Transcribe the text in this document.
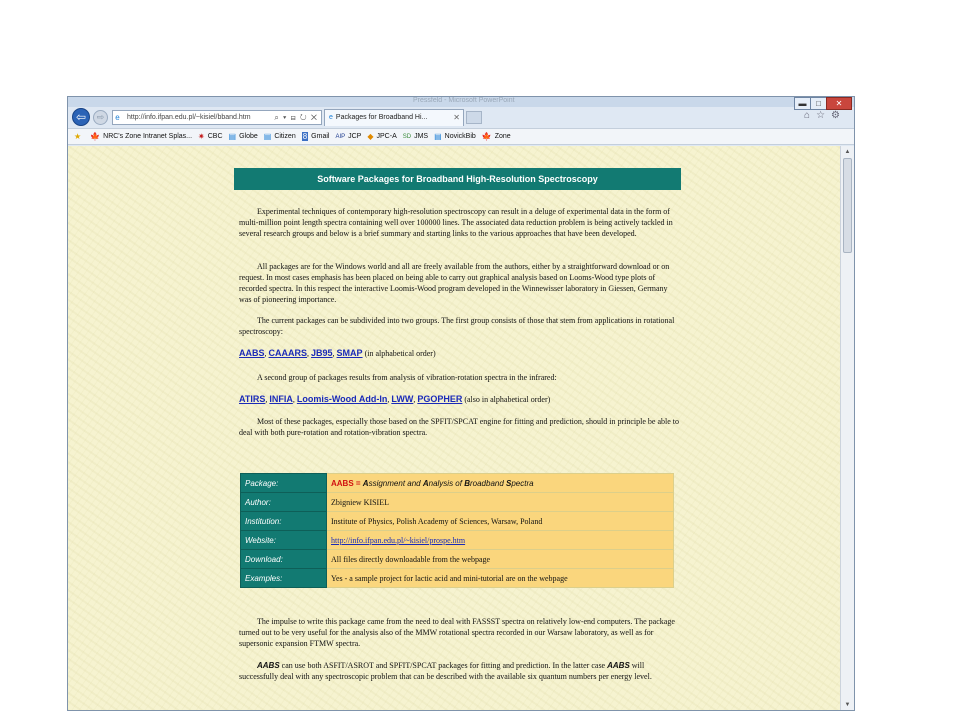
Pressfeld - Microsoft PowerPoint	▬	□	✕
⇦	⇨	e http://info.ifpan.edu.pl/~kisiel/bband.htm	⌕ ▾ ⊟ ↻ ✕	e Packages for Broadband Hi...	✕	⌂☆⚙
★ 🍁 NRC's Zone Intranet Splas... ✷ CBC ▤ Globe ▤ Citizen 8 Gmail AIP JCP ◆ JPC-A SD JMS ▤ NovickBib 🍁 Zone
Software Packages for Broadband High-Resolution Spectroscopy

Experimental techniques of contemporary high-resolution spectroscopy can result in a deluge of experimental data in the form of multi-million point length spectra containing well over 100000 lines. The associated data reduction problem is being actively tackled in several research groups and below is a brief summary and starting links to the various approaches that have been developed.

All packages are for the Windows world and all are freely available from the authors, either by a straightforward download or on request. In most cases emphasis has been placed on being able to carry out graphical analysis based on Looms-Wood type plots of recorded spectra. In this respect the interactive Loomis-Wood program developed in the Winnewisser laboratory in Giessen, Germany was of pioneering importance.

The current packages can be subdivided into two groups. The first group consists of those that stem from applications in rotational spectroscopy:

AABS, CAAARS, JB95, SMAP (in alphabetical order)

A second group of packages results from analysis of vibration-rotation spectra in the infrared:

ATIRS, INFIA, Loomis-Wood Add-In, LWW, PGOPHER (also in alphabetical order)

Most of these packages, especially those based on the SPFIT/SPCAT engine for fitting and prediction, should in principle be able to deal with both pure-rotation and rotation-vibration spectra.

Package:	AABS = Assignment and Analysis of Broadband Spectra
Author:	Zbigniew KISIEL
Institution:	Institute of Physics, Polish Academy of Sciences, Warsaw, Poland
Website:	http://info.ifpan.edu.pl/~kisiel/prospe.htm
Download:	All files directly downloadable from the webpage
Examples:	Yes - a sample project for lactic acid and mini-tutorial are on the webpage

The impulse to write this package came from the need to deal with FASSST spectra on relatively low-end computers. The package turned out to be very useful for the analysis also of the MMW rotational spectra recorded in our Warsaw laboratory, as well as for supersonic expansion FTMW spectra.

AABS can use both ASFIT/ASROT and SPFIT/SPCAT packages for fitting and prediction. In the latter case AABS will successfully deal with any spectroscopic problem that can be described with the available six quantum numbers per energy level.

▲
▼
